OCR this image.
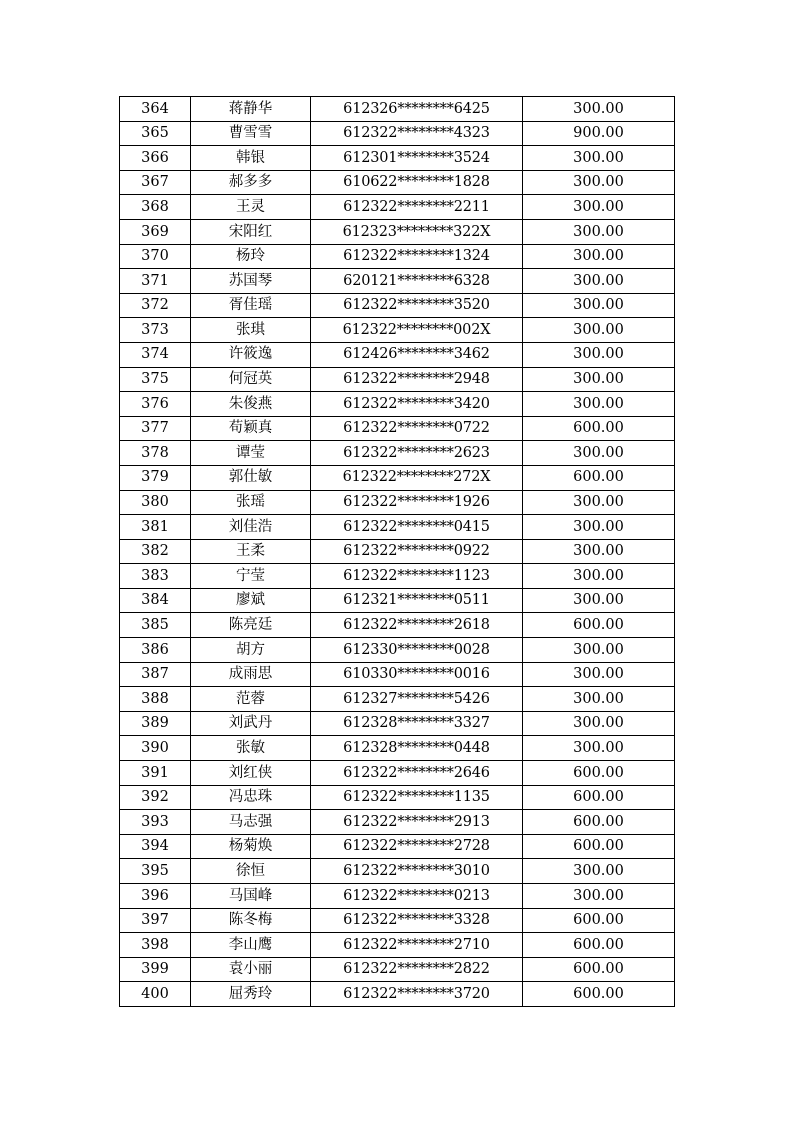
364	蒋静华	612326********6425	300.00
365	曹雪雪	612322********4323	900.00
366	韩银	612301********3524	300.00
367	郝多多	610622********1828	300.00
368	王灵	612322********2211	300.00
369	宋阳红	612323********322X	300.00
370	杨玲	612322********1324	300.00
371	苏国琴	620121********6328	300.00
372	胥佳瑶	612322********3520	300.00
373	张琪	612322********002X	300.00
374	许筱逸	612426********3462	300.00
375	何冠英	612322********2948	300.00
376	朱俊燕	612322********3420	300.00
377	苟颖真	612322********0722	600.00
378	谭莹	612322********2623	300.00
379	郭仕敏	612322********272X	600.00
380	张瑶	612322********1926	300.00
381	刘佳浩	612322********0415	300.00
382	王柔	612322********0922	300.00
383	宁莹	612322********1123	300.00
384	廖斌	612321********0511	300.00
385	陈亮廷	612322********2618	600.00
386	胡方	612330********0028	300.00
387	成雨思	610330********0016	300.00
388	范蓉	612327********5426	300.00
389	刘武丹	612328********3327	300.00
390	张敏	612328********0448	300.00
391	刘红侠	612322********2646	600.00
392	冯忠珠	612322********1135	600.00
393	马志强	612322********2913	600.00
394	杨菊焕	612322********2728	600.00
395	徐恒	612322********3010	300.00
396	马国峰	612322********0213	300.00
397	陈冬梅	612322********3328	600.00
398	李山鹰	612322********2710	600.00
399	袁小丽	612322********2822	600.00
400	屈秀玲	612322********3720	600.00
